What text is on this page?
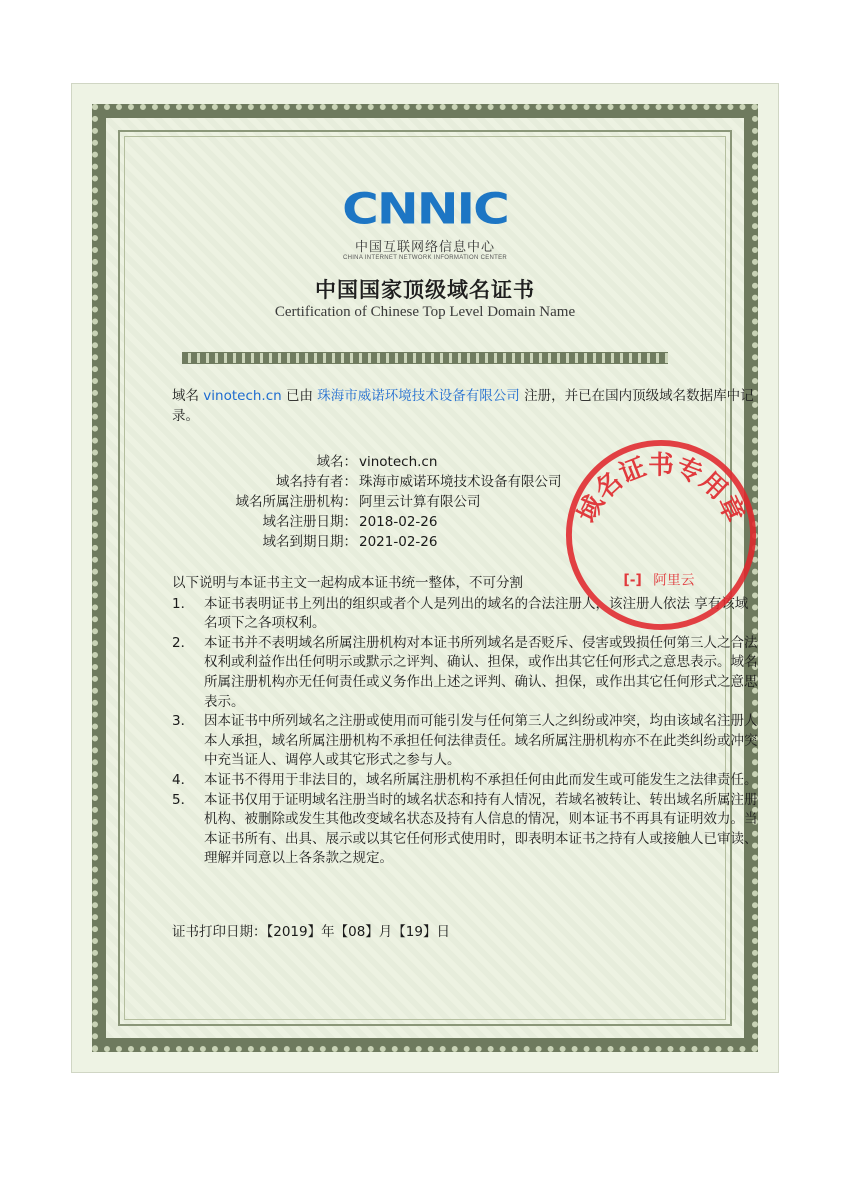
CNNIC
中国互联网络信息中心
CHINA INTERNET NETWORK INFORMATION CENTER
中国国家顶级域名证书
Certification of Chinese Top Level Domain Name
域名 vinotech.cn 已由 珠海市威诺环境技术设备有限公司 注册，并已在国内顶级域名数据库中记录。
域名： vinotech.cn
域名持有者： 珠海市威诺环境技术设备有限公司
域名所属注册机构： 阿里云计算有限公司
域名注册日期： 2018-02-26
域名到期日期： 2021-02-26
以下说明与本证书主文一起构成本证书统一整体，不可分割
1． 本证书表明证书上列出的组织或者个人是列出的域名的合法注册人，该注册人依法 享有该域名项下之各项权利。
2． 本证书并不表明域名所属注册机构对本证书所列域名是否贬斥、侵害或毁损任何第三人之合法权利或利益作出任何明示或默示之评判、确认、担保，或作出其它任何形式之意思表示。域名所属注册机构亦无任何责任或义务作出上述之评判、确认、担保，或作出其它任何形式之意思表示。
3． 因本证书中所列域名之注册或使用而可能引发与任何第三人之纠纷或冲突，均由该域名注册人本人承担，域名所属注册机构不承担任何法律责任。域名所属注册机构亦不在此类纠纷或冲突中充当证人、调停人或其它形式之参与人。
4． 本证书不得用于非法目的，域名所属注册机构不承担任何由此而发生或可能发生之法律责任。
5． 本证书仅用于证明域名注册当时的域名状态和持有人情况，若域名被转让、转出域名所属注册机构、被删除或发生其他改变域名状态及持有人信息的情况，则本证书不再具有证明效力。当本证书所有、出具、展示或以其它任何形式使用时，即表明本证书之持有人或接触人已审读、理解并同意以上各条款之规定。
证书打印日期：【2019】年【08】月【19】日
域名证书专用章
[-] 阿里云
